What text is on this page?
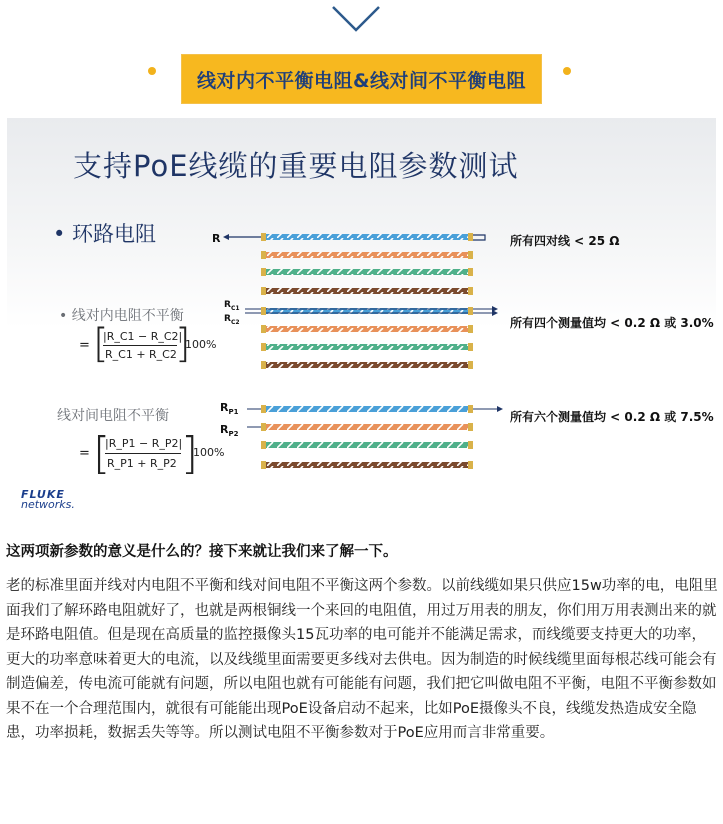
线对内不平衡电阻&线对间不平衡电阻
支持PoE线缆的重要电阻参数测试
• 环路电阻
• 线对内电阻不平衡
线对间电阻不平衡
= [
|R_C1 − R_C2|
R_C1 + R_C2
]
100%
= [
|R_P1 − R_P2|
R_P1 + R_P2 ]
100%
R
$R_{C1}$
$R_{C2}$
$R_{P1}$
$R_{P2}$
所有四对线 < 25 Ω
所有四个测量值均 < 0.2 Ω 或 3.0%
所有六个测量值均 < 0.2 Ω 或 7.5%
FLUKE
networks.
这两项新参数的意义是什么的？接下来就让我们来了解一下。
老的标准里面并线对内电阻不平衡和线对间电阻不平衡这两个参数。以前线缆如果只供应15w功率的电，电阻里面我们了解环路电阻就好了，也就是两根铜线一个来回的电阻值，用过万用表的朋友，你们用万用表测出来的就是环路电阻值。但是现在高质量的监控摄像头15瓦功率的电可能并不能满足需求，而线缆要支持更大的功率，更大的功率意味着更大的电流，以及线缆里面需要更多线对去供电。因为制造的时候线缆里面每根芯线可能会有制造偏差，传电流可能就有问题，所以电阻也就有可能能有问题，我们把它叫做电阻不平衡，电阻不平衡参数如果不在一个合理范围内，就很有可能能出现PoE设备启动不起来，比如PoE摄像头不良，线缆发热造成安全隐患，功率损耗，数据丢失等等。所以测试电阻不平衡参数对于PoE应用而言非常重要。
